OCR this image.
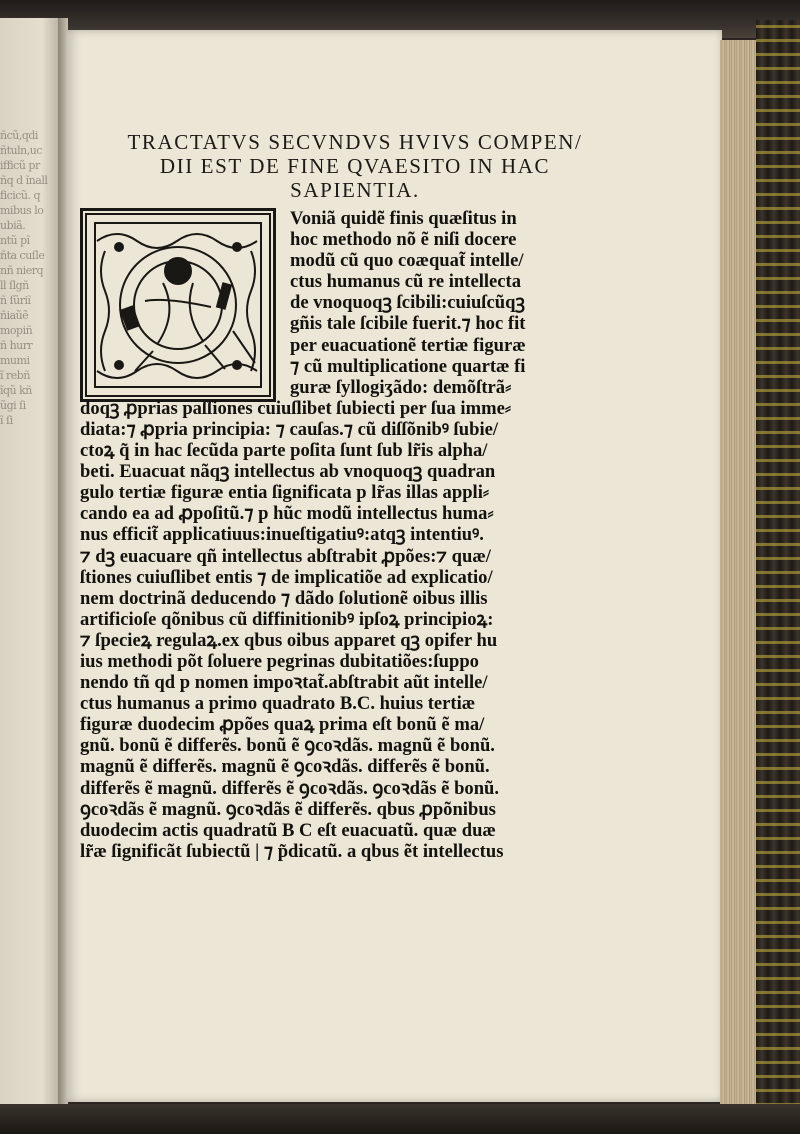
ñcũ,qdi
ñtuln,uc
ifficũ pr
ñq d ĩnall
ficicũ. q
mibus lo
ubiã.
ntũ pĩ
ñta cuſle
nñ nierq
ll ſlgñ
ñ ſũriĩ
ñiaũẽ
mopiñ
ñ hurr
mumi
ĩ rebñ
ĩqũ kñ
ũgi ſi
ĩ ſi
TRACTATVS SECVNDVS HVIVS COMPEN/
DII EST DE FINE QVAESITO IN HAC
SAPIENTIA.
Voniã quidẽ finis quæſitus in
hoc methodo nõ ẽ niſi docere
modũ cũ quo coæquat̃ intelle/
ctus humanus cũ re intellecta
de vnoquoqꝫ ſcibili:cuiuſcũqꝫ
gñis tale ſcibile fuerit.⁊ hoc fit
per euacuationẽ tertiæ figuræ
⁊ cũ multiplicatione quartæ fi
guræ ſyllogiʒãdo: demõſtrã⸗
doqꝫ ꝓprias paſſiones cuiuſlibet ſubiecti per ſua imme⸗
diata:⁊ ꝓpria principia: ⁊ cauſas.⁊ cũ diſſõnibꝰ ſubie/
ctoꝝ q̃ in hac ſecũda parte poſita ſunt ſub lr̃is alpha/
beti. Euacuat nãqꝫ intellectus ab vnoquoqꝫ quadran
gulo tertiæ figuræ entia ſignificata p lr̃as illas appli⸗
cando ea ad ꝓpoſitũ.⁊ p hũc modũ intellectus huma⸗
nus efficit̃ applicatiuus:inueſtigatiuꝰ:atqꝫ intentiuꝰ.
⁊ dꝫ euacuare qñ intellectus abſtrabit ꝓpões:⁊ quæ/
ſtiones cuiuſlibet entis ⁊ de implicatiõe ad explicatio/
nem doctrinã deducendo ⁊ dãdo ſolutionẽ oibus illis
artificioſe qõnibus cũ diffinitionibꝰ ipſoꝝ principioꝝ:
⁊ ſpecieꝝ regulaꝝ.ex qbus oibus apparet qꝫ opifer hu
ius methodi põt ſoluere pegrinas dubitatiões:ſuppo
nendo tñ qd p nomen impoꝛtat̃.abſtrabit aũt intelle/
ctus humanus a primo quadrato B.C. huius tertiæ
figuræ duodecim ꝓpões quaꝝ prima eſt bonũ ẽ ma/
gnũ. bonũ ẽ differẽs. bonũ ẽ ꝯcoꝛdãs. magnũ ẽ bonũ.
magnũ ẽ differẽs. magnũ ẽ ꝯcoꝛdãs. differẽs ẽ bonũ.
differẽs ẽ magnũ. differẽs ẽ ꝯcoꝛdãs. ꝯcoꝛdãs ẽ bonũ.
ꝯcoꝛdãs ẽ magnũ. ꝯcoꝛdãs ẽ differẽs. qbus ꝓpõnibus
duodecim actis quadratũ B C eſt euacuatũ. quæ duæ
lr̃æ ſignificãt ſubiectũ | ⁊ p̃dicatũ. a qbus ẽt intellectus
